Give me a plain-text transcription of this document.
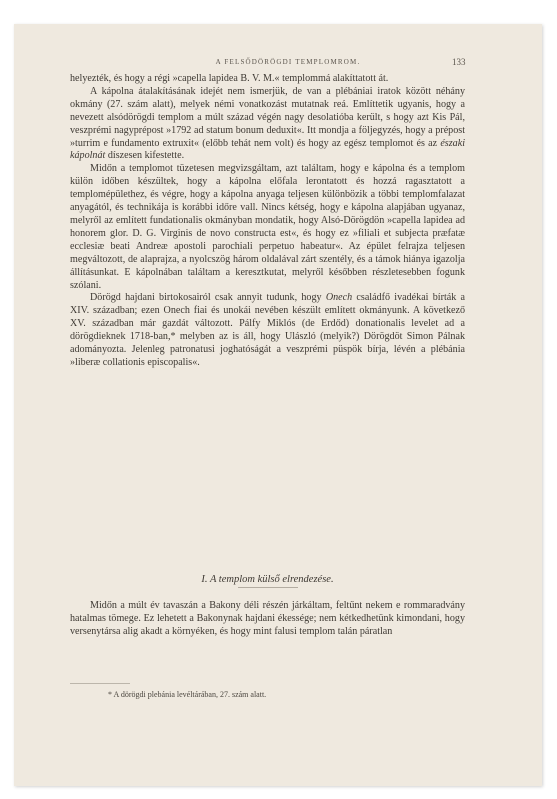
A FELSŐDÖRÖGDI TEMPLOMROM.	133

helyezték, és hogy a régi »capella lapidea B. V. M.« templommá alakíttatott át.

A kápolna átalakításának idejét nem ismerjük, de van a plébániai iratok között néhány okmány (27. szám alatt), melyek némi vonatkozást mutatnak reá. Említtetik ugyanis, hogy a nevezett alsódörögdi templom a múlt század végén nagy desolatióba került, s hogy azt Kis Pál, veszprémi nagyprépost »1792 ad statum bonum deduxit«. Itt mondja a följegyzés, hogy a prépost »turrim e fundamento extruxit« (előbb tehát nem volt) és hogy az egész templomot és az északi kápolnát díszesen kifestette.

Midőn a templomot tüzetesen megvizsgáltam, azt találtam, hogy e kápolna és a templom külön időben készültek, hogy a kápolna előfala lerontatott és hozzá ragasztatott a templomépülethez, és végre, hogy a kápolna anyaga teljesen különbözik a többi templomfalazat anyagától, és technikája is korábbi időre vall. Nincs kétség, hogy e kápolna alapjában ugyanaz, melyről az említett fundationalis okmányban mondatik, hogy Alsó-Dörögdön »capella lapidea ad honorem glor. D. G. Virginis de novo constructa est«, és hogy ez »filiali et subjecta præfatæ ecclesiæ beati Andreæ apostoli parochiali perpetuo habeatur«. Az épület felrajza teljesen megváltozott, de alaprajza, a nyolcszög három oldalával zárt szentély, és a támok hiánya igazolja állításunkat. E kápolnában találtam a keresztkutat, melyről későbben részletesebben fogunk szólani.

Dörögd hajdani birtokosairól csak annyit tudunk, hogy Onech családfő ivadékai bírták a XIV. században; ezen Onech fiai és unokái nevében készült említett okmányunk. A következő XV. században már gazdát változott. Pálfy Miklós (de Erdőd) donationalis levelet ad a dörögdieknek 1718-ban,* melyben az is áll, hogy Ulászló (melyik?) Dörögdöt Simon Pálnak adományozta. Jelenleg patronatusi joghatóságát a veszprémi püspök bírja, lévén a plébánia »liberæ collationis episcopalis«.

I. A templom külső elrendezése.

Midőn a múlt év tavaszán a Bakony déli részén járkáltam, feltűnt nekem e rommaradvány hatalmas tömege. Ez lehetett a Bakonynak hajdani ékessége; nem kétkedhetünk kimondani, hogy versenytársa alig akadt a környéken, és hogy mint falusi templom talán páratlan

* A dörögdi plebánia levéltárában, 27. szám alatt.
